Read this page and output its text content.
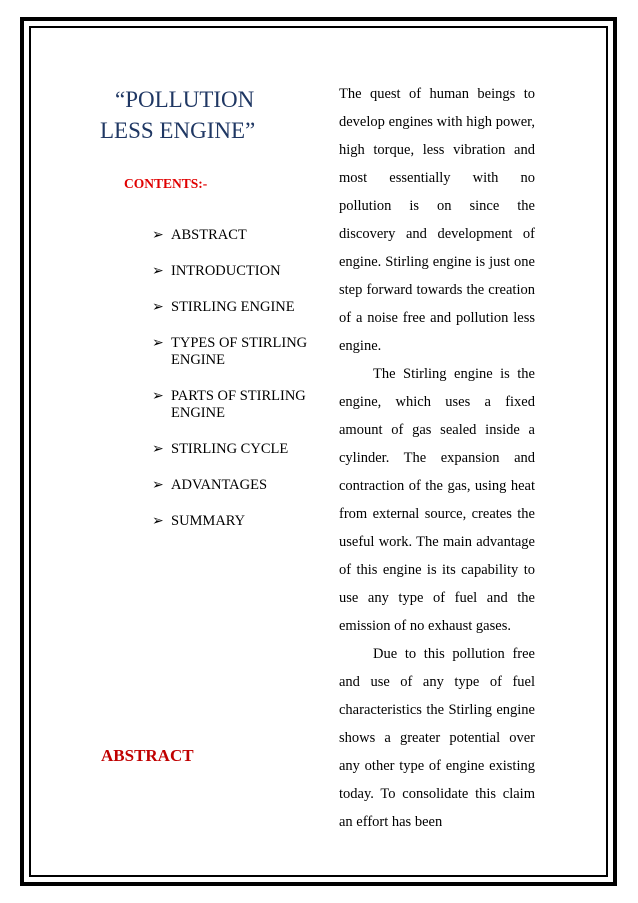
“POLLUTION
LESS ENGINE”
CONTENTS:-
➢ ABSTRACT
➢ INTRODUCTION
➢ STIRLING ENGINE
➢ TYPES OF STIRLING ENGINE
➢ PARTS OF STIRLING ENGINE
➢ STIRLING CYCLE
➢ ADVANTAGES
➢ SUMMARY
ABSTRACT

The quest of human beings to develop engines with high power, high torque, less vibration and most essentially with no pollution is on since the discovery and development of engine. Stirling engine is just one step forward towards the creation of a noise free and pollution less engine.

The Stirling engine is the engine, which uses a fixed amount of gas sealed inside a cylinder. The expansion and contraction of the gas, using heat from external source, creates the useful work. The main advantage of this engine is its capability to use any type of fuel and the emission of no exhaust gases.

Due to this pollution free and use of any type of fuel characteristics the Stirling engine shows a greater potential over any other type of engine existing today. To consolidate this claim an effort has been
